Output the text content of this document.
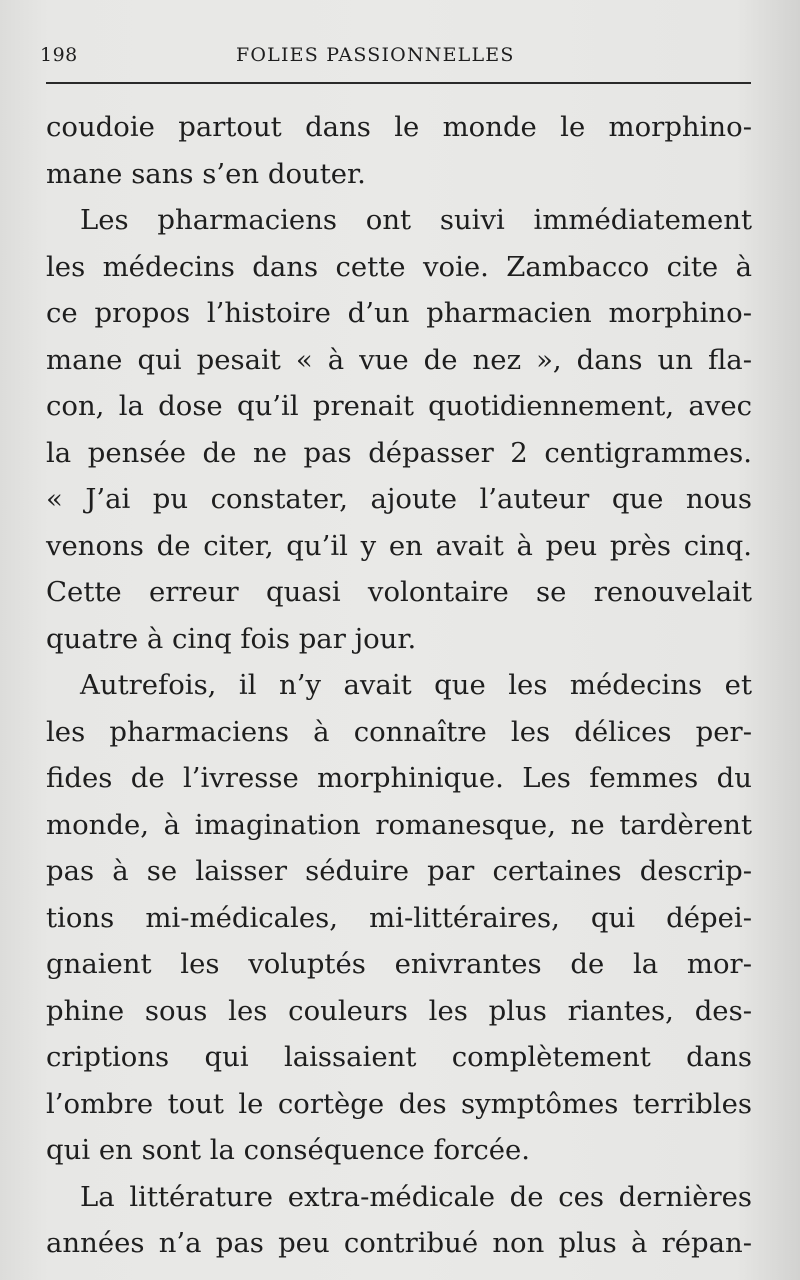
198	FOLIES PASSIONNELLES
coudoie partout dans le monde le morphino-
mane sans s’en douter.
Les pharmaciens ont suivi immédiatement
les médecins dans cette voie. Zambacco cite à
ce propos l’histoire d’un pharmacien morphino-
mane qui pesait « à vue de nez », dans un fla-
con, la dose qu’il prenait quotidiennement, avec
la pensée de ne pas dépasser 2 centigrammes.
« J’ai pu constater, ajoute l’auteur que nous
venons de citer, qu’il y en avait à peu près cinq.
Cette erreur quasi volontaire se renouvelait
quatre à cinq fois par jour.
Autrefois, il n’y avait que les médecins et
les pharmaciens à connaître les délices per-
fides de l’ivresse morphinique. Les femmes du
monde, à imagination romanesque, ne tardèrent
pas à se laisser séduire par certaines descrip-
tions mi-médicales, mi-littéraires, qui dépei-
gnaient les voluptés enivrantes de la mor-
phine sous les couleurs les plus riantes, des-
criptions qui laissaient complètement dans
l’ombre tout le cortège des symptômes terribles
qui en sont la conséquence forcée.
La littérature extra-médicale de ces dernières
années n’a pas peu contribué non plus à répan-
